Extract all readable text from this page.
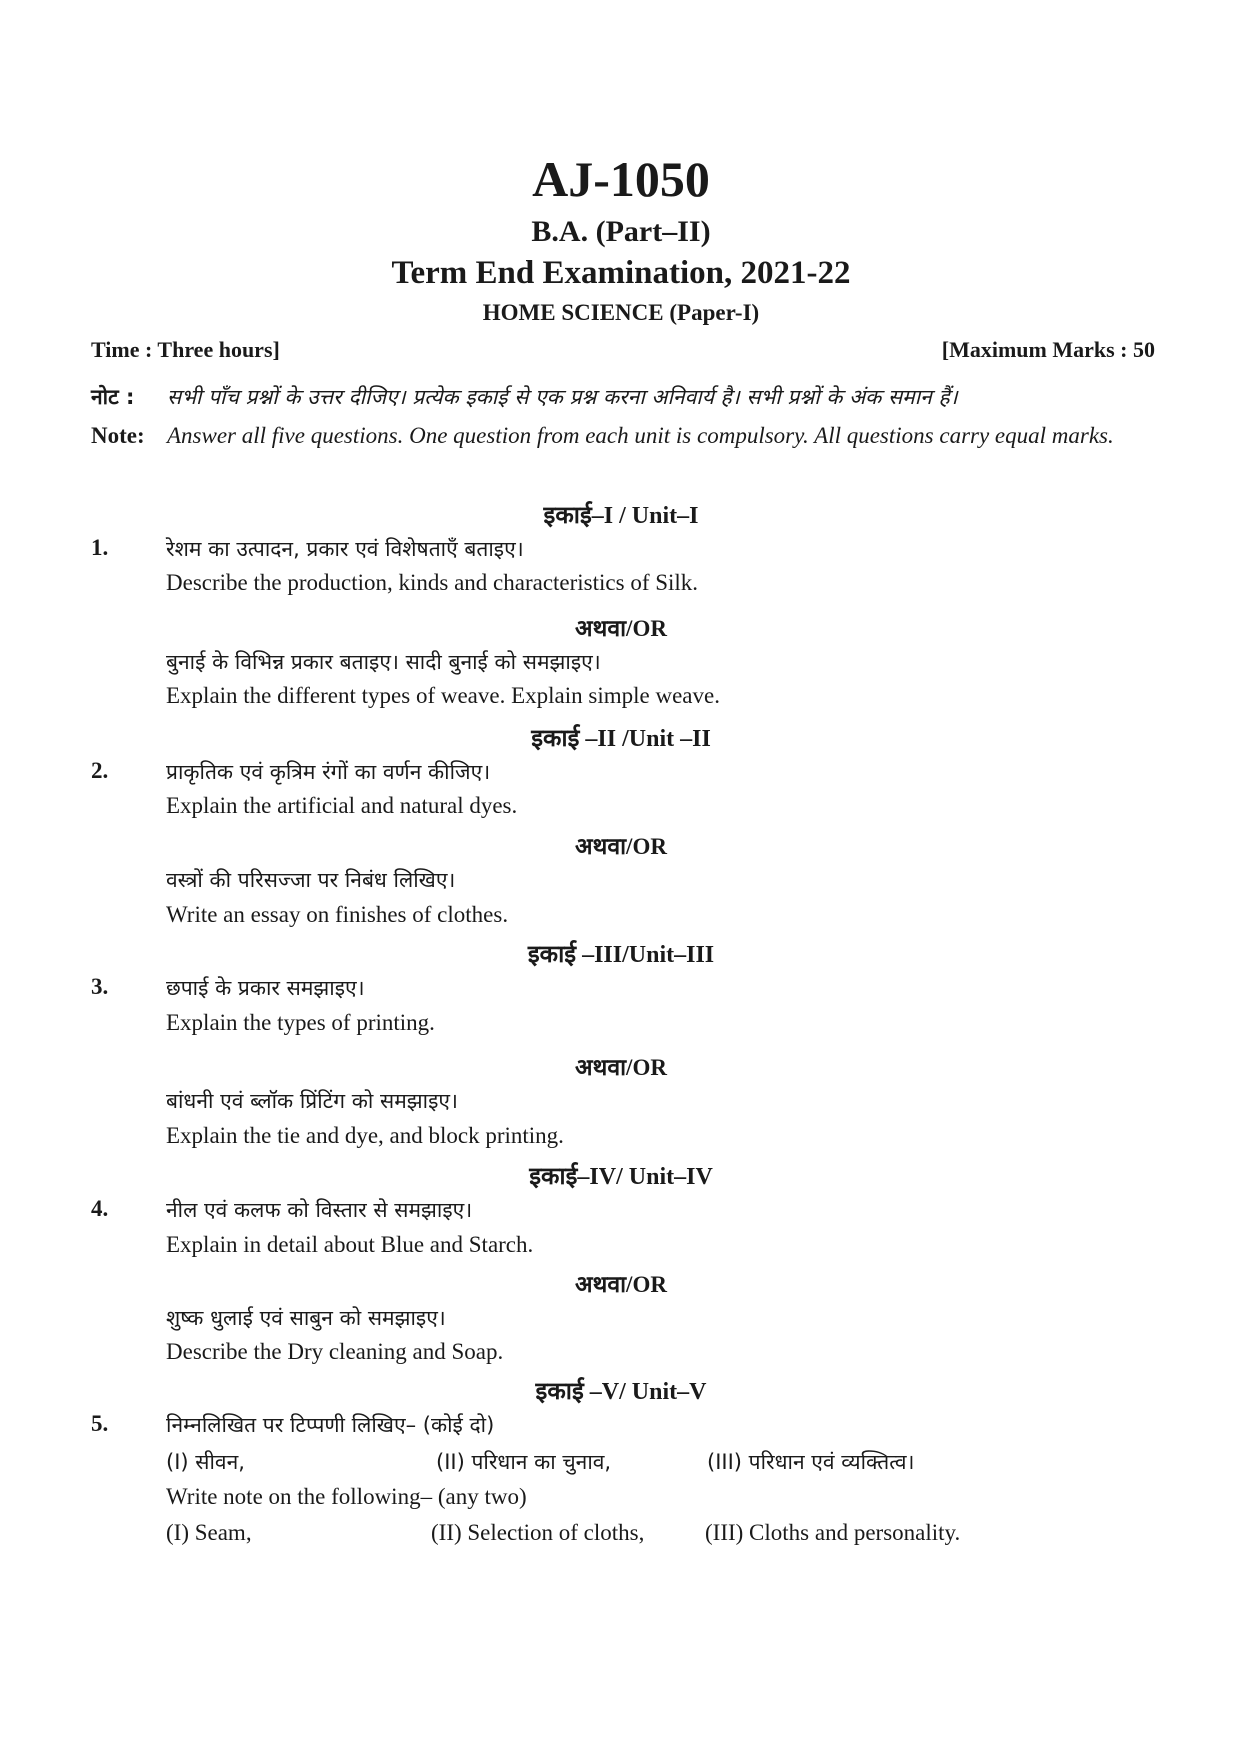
AJ-1050
B.A. (Part–II)
Term End Examination, 2021-22
HOME SCIENCE (Paper-I)
Time : Three hours]	[Maximum Marks : 50
नोट : सभी पाँच प्रश्नों के उत्तर दीजिए। प्रत्येक इकाई से एक प्रश्न करना अनिवार्य है। सभी प्रश्नों के अंक समान हैं।
Note: Answer all five questions. One question from each unit is compulsory. All questions carry equal marks.
इकाई–I / Unit–I
1.	रेशम का उत्पादन, प्रकार एवं विशेषताएँ बताइए।
Describe the production, kinds and characteristics of Silk.
अथवा/OR
बुनाई के विभिन्न प्रकार बताइए। सादी बुनाई को समझाइए।
Explain the different types of weave. Explain simple weave.
इकाई –II /Unit –II
2.	प्राकृतिक एवं कृत्रिम रंगों का वर्णन कीजिए।
Explain the artificial and natural dyes.
अथवा/OR
वस्त्रों की परिसज्जा पर निबंध लिखिए।
Write an essay on finishes of clothes.
इकाई –III/Unit–III
3.	छपाई के प्रकार समझाइए।
Explain the types of printing.
अथवा/OR
बांधनी एवं ब्लॉक प्रिंटिंग को समझाइए।
Explain the tie and dye, and block printing.
इकाई–IV/ Unit–IV
4.	नील एवं कलफ को विस्तार से समझाइए।
Explain in detail about Blue and Starch.
अथवा/OR
शुष्क धुलाई एवं साबुन को समझाइए।
Describe the Dry cleaning and Soap.
इकाई –V/ Unit–V
5.	निम्नलिखित पर टिप्पणी लिखिए– (कोई दो)
(I) सीवन,	(II) परिधान का चुनाव,	(III) परिधान एवं व्यक्तित्व।
Write note on the following– (any two)
(I) Seam,	(II) Selection of cloths,	(III) Cloths and personality.
